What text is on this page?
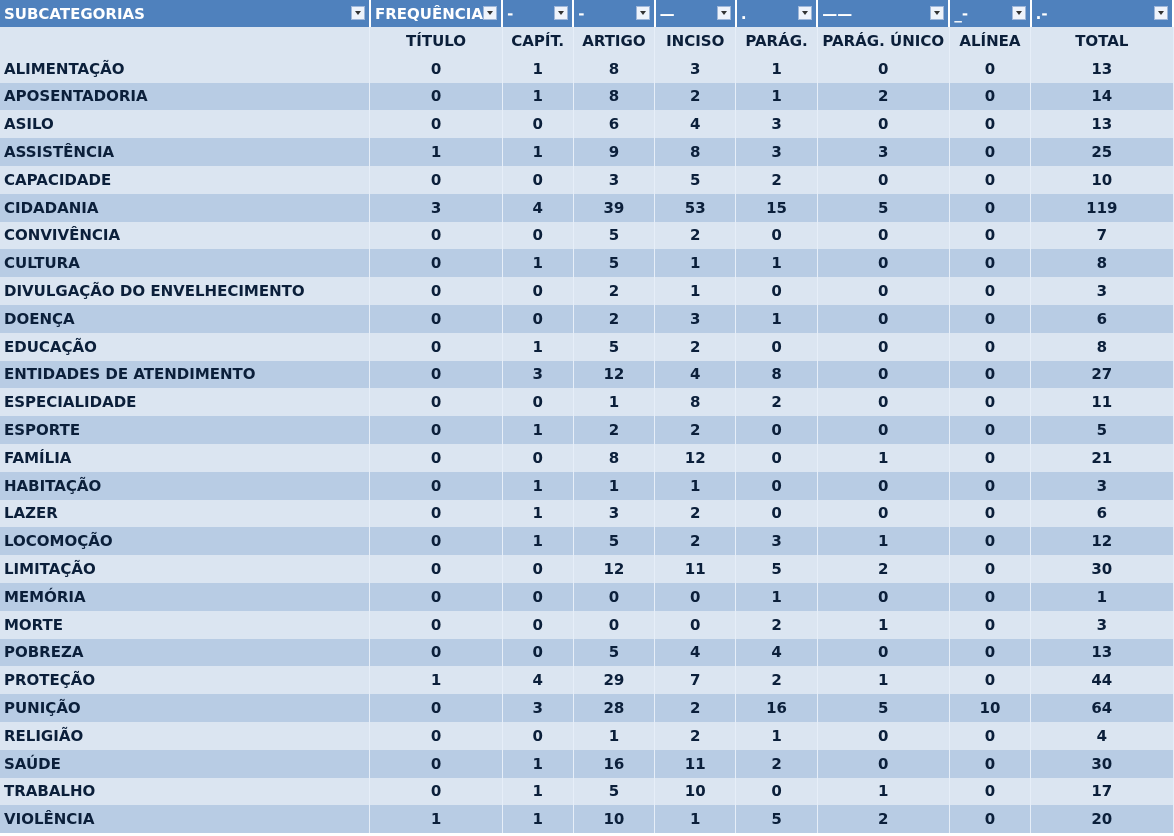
SUBCATEGORIAS	FREQUÊNCIA	-	-	—	.	——	_-	.-

	TÍTULO	CAPÍT.	ARTIGO	INCISO	PARÁG.	PARÁG. ÚNICO	ALÍNEA	TOTAL
ALIMENTAÇÃO	0	1	8	3	1	0	0	13
APOSENTADORIA	0	1	8	2	1	2	0	14
ASILO	0	0	6	4	3	0	0	13
ASSISTÊNCIA	1	1	9	8	3	3	0	25
CAPACIDADE	0	0	3	5	2	0	0	10
CIDADANIA	3	4	39	53	15	5	0	119
CONVIVÊNCIA	0	0	5	2	0	0	0	7
CULTURA	0	1	5	1	1	0	0	8
DIVULGAÇÃO DO ENVELHECIMENTO	0	0	2	1	0	0	0	3
DOENÇA	0	0	2	3	1	0	0	6
EDUCAÇÃO	0	1	5	2	0	0	0	8
ENTIDADES DE ATENDIMENTO	0	3	12	4	8	0	0	27
ESPECIALIDADE	0	0	1	8	2	0	0	11
ESPORTE	0	1	2	2	0	0	0	5
FAMÍLIA	0	0	8	12	0	1	0	21
HABITAÇÃO	0	1	1	1	0	0	0	3
LAZER	0	1	3	2	0	0	0	6
LOCOMOÇÃO	0	1	5	2	3	1	0	12
LIMITAÇÃO	0	0	12	11	5	2	0	30
MEMÓRIA	0	0	0	0	1	0	0	1
MORTE	0	0	0	0	2	1	0	3
POBREZA	0	0	5	4	4	0	0	13
PROTEÇÃO	1	4	29	7	2	1	0	44
PUNIÇÃO	0	3	28	2	16	5	10	64
RELIGIÃO	0	0	1	2	1	0	0	4
SAÚDE	0	1	16	11	2	0	0	30
TRABALHO	0	1	5	10	0	1	0	17
VIOLÊNCIA	1	1	10	1	5	2	0	20
